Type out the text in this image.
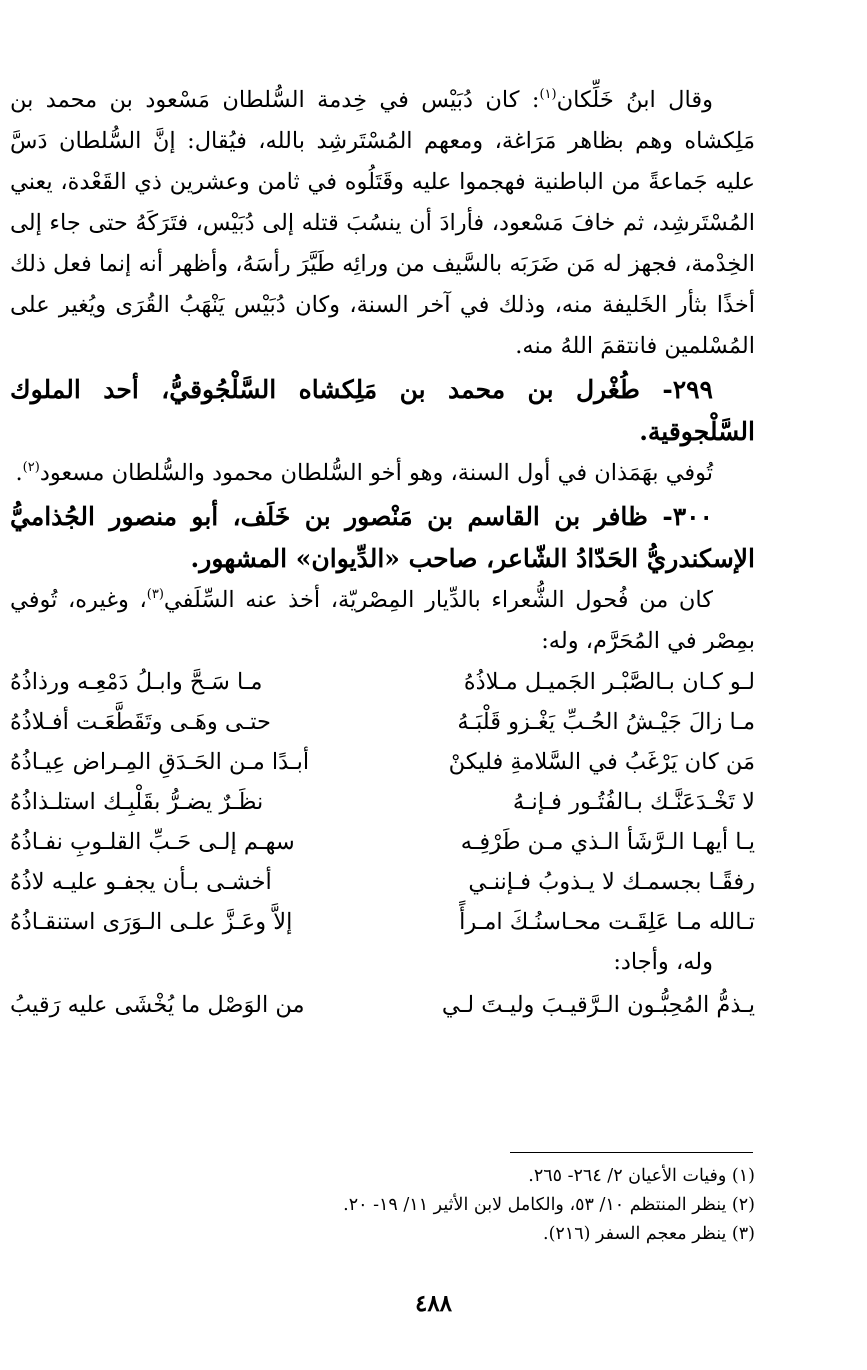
وقال ابنُ خَلِّكان$^{(١)}$: كان دُبَيْس في خِدمة السُّلطان مَسْعود بن محمد بن مَلِكشاه وهم بظاهر مَرَاغة، ومعهم المُسْتَرشِد بالله، فيُقال: إنَّ السُّلطان دَسَّ عليه جَماعةً من الباطنية فهجموا عليه وقَتَلُوه في ثامن وعشرين ذي القَعْدة، يعني المُسْتَرشِد، ثم خافَ مَسْعود، فأرادَ أن ينسُبَ قتله إلى دُبَيْس، فتَرَكَهُ حتى جاء إلى الخِدْمة، فجهز له مَن ضَرَبَه بالسَّيف من ورائِه طَيَّرَ رأسَهُ، وأظهر أنه إنما فعل ذلك أخذًا بثأر الخَليفة منه، وذلك في آخر السنة، وكان دُبَيْس يَنْهَبُ القُرَى ويُغير على المُسْلمين فانتقمَ اللهُ منه.

٢٩٩- طُغْرل بن محمد بن مَلِكشاه السَّلْجُوقيُّ، أحد الملوك السَّلْجوقية.

تُوفي بهَمَذان في أول السنة، وهو أخو السُّلطان محمود والسُّلطان مسعود$^{(٢)}$.

٣٠٠- ظافر بن القاسم بن مَنْصور بن خَلَف، أبو منصور الجُذاميُّ الإسكندريُّ الحَدّادُ الشّاعر، صاحب «الدِّيوان» المشهور.

كان من فُحول الشُّعراء بالدِّيار المِصْريّة، أخذ عنه السِّلَفي$^{(٣)}$، وغيره، تُوفي بمِصْر في المُحَرَّم، وله:

لـو كـان بـالصَّبْـر الجَميـل مـلاذُهُ
مـا سَـحَّ وابـلُ دَمْعِـه ورذاذُهُ
مـا زالَ جَيْـشُ الحُـبِّ يَغْـزو قَلْبَـهُ
حتـى وهَـى وتَقَطَّعَـت أفـلاذُهُ
مَن كان يَرْغَبُ في السَّلامةِ فليكنْ
أبـدًا مـن الحَـدَقِ المِـراض عِيـاذُهُ
لا تَخْـدَعَنَّـك بـالفُتُـور فـإنـهُ
نظَـرٌ يضـرُّ بقَلْبِـك استلـذاذُهُ
يـا أيهـا الـرَّشَأ الـذي مـن طَرْفِـه
سهـم إلـى حَـبِّ القلـوبِ نفـاذُهُ
رفقًـا بجسمـك لا يـذوبُ فـإننـي
أخشـى بـأن يجفـو عليـه لاذُهُ
تـالله مـا عَلِقَـت محـاسنُـكَ امـرأً
إلاَّ وعَـزَّ علـى الـوَرَى استنقـاذُهُ

وله، وأجاد:

يـذمُّ المُحِبُّـون الـرَّقيـبَ وليـتَ لـي
من الوَصْل ما يُخْشَى عليه رَقيبُ
(١) وفيات الأعيان ٢/ ٢٦٤- ٢٦٥.
(٢) ينظر المنتظم ١٠/ ٥٣، والكامل لابن الأثير ١١/ ١٩- ٢٠.
(٣) ينظر معجم السفر (٢١٦).
٤٨٨
